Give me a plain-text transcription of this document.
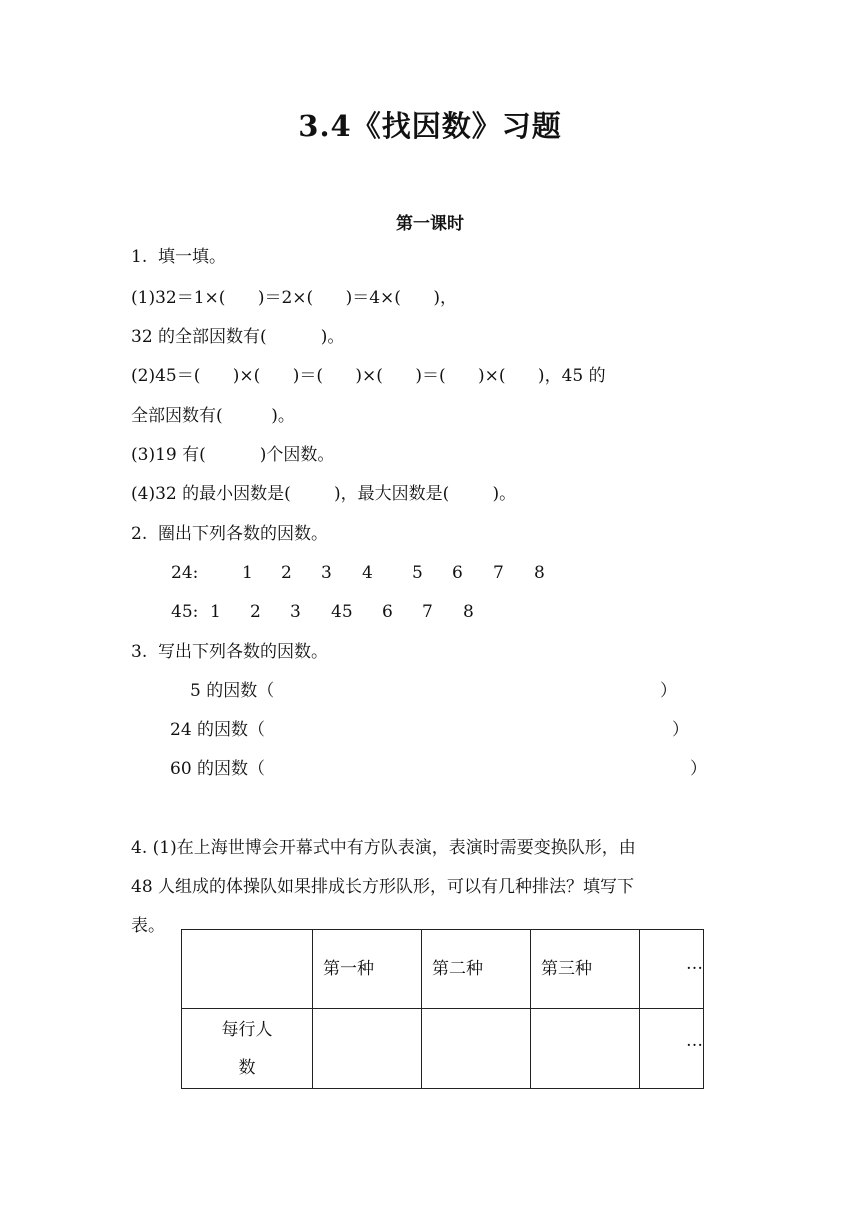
3.4《找因数》习题
第一课时
1.  填一填。
(1)32＝1×(      )＝2×(      )＝4×(      )，
32 的全部因数有(          )。
(2)45＝(      )×(      )＝(      )×(      )＝(      )×(      )，45 的
全部因数有(         )。
(3)19 有(          )个因数。
(4)32 的最小因数是(        )，最大因数是(        )。
2.  圈出下列各数的因数。
24:	1 2 3 4 5 6 7 8
45: 1 2 3 45 6 7 8
3.  写出下列各数的因数。
5 的因数（	）
24 的因数（	）
60 的因数（	）
4. (1)在上海世博会开幕式中有方队表演，表演时需要变换队形，由
48 人组成的体操队如果排成长方形队形，可以有几种排法？填写下
表。
	第一种	第二种	第三种	…

每行人数				…
